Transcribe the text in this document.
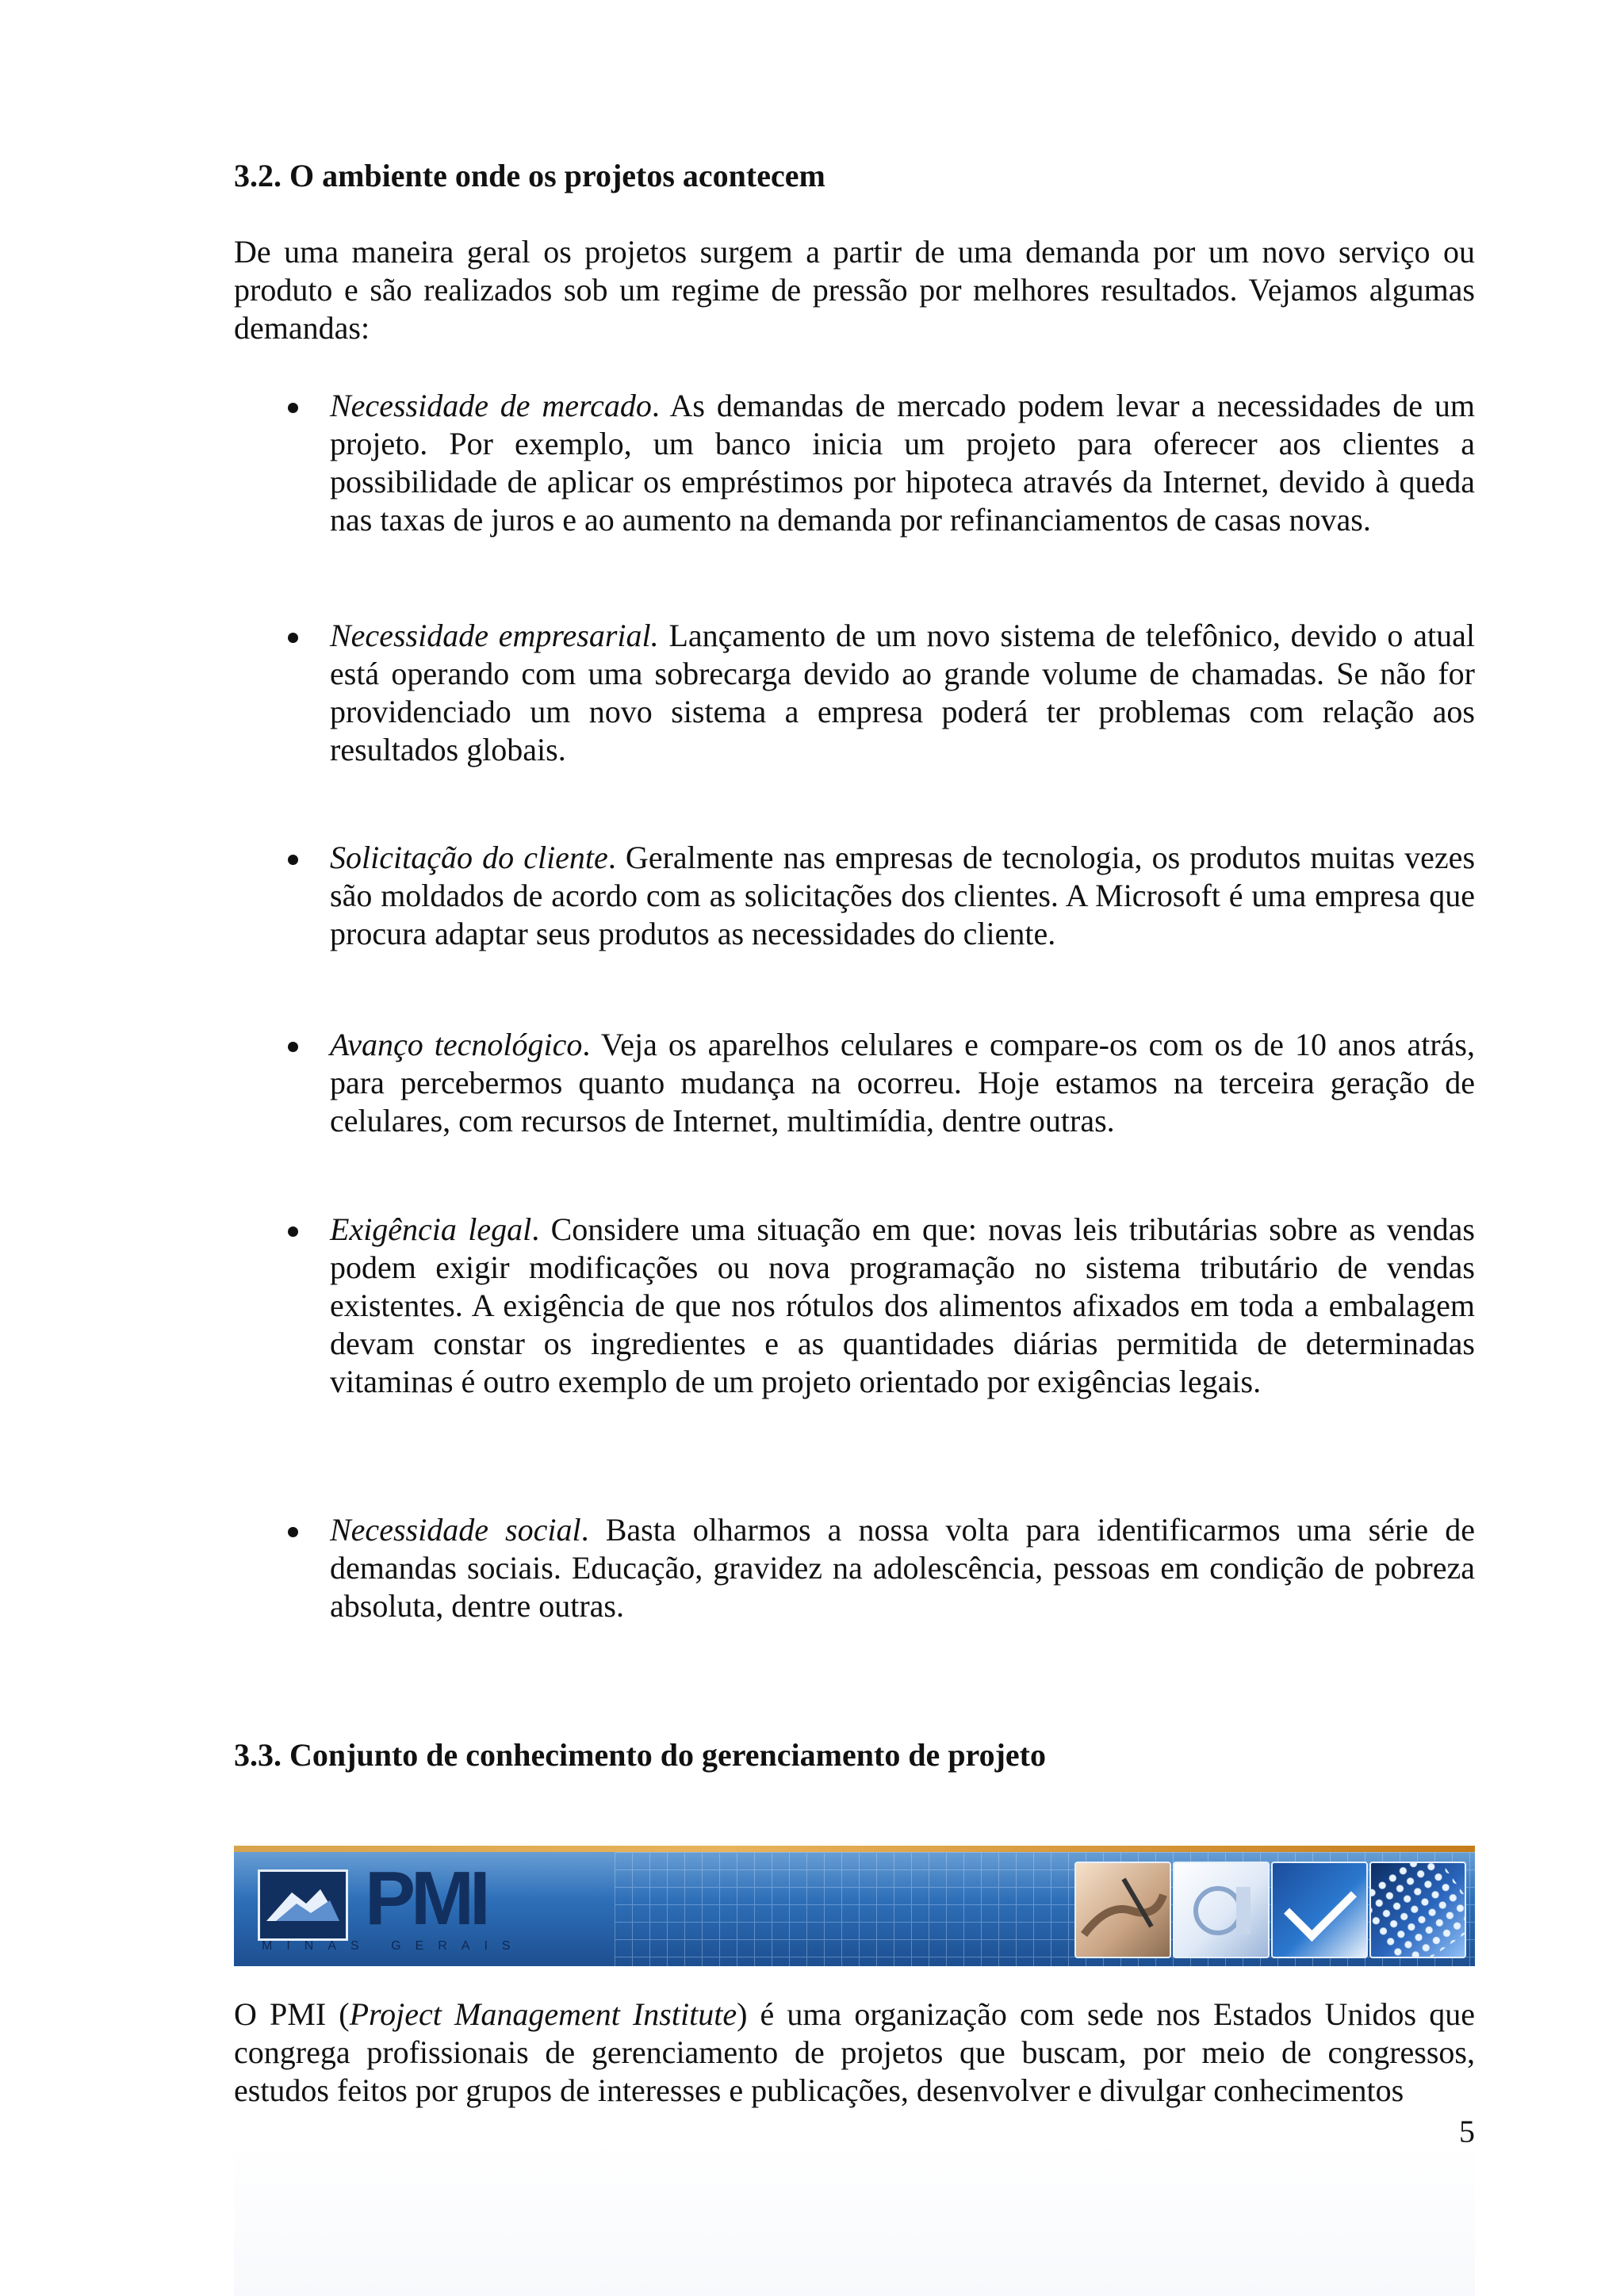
3.2. O ambiente onde os projetos acontecem
De uma maneira geral os projetos surgem a partir de uma demanda por um novo serviço ou produto e são realizados sob um regime de pressão por melhores resultados. Vejamos algumas demandas:
Necessidade de mercado. As demandas de mercado podem levar a necessidades de um projeto. Por exemplo, um banco inicia um projeto para oferecer aos clientes a possibilidade de aplicar os empréstimos por hipoteca através da Internet, devido à queda nas taxas de juros e ao aumento na demanda por refinanciamentos de casas novas.
Necessidade empresarial. Lançamento de um novo sistema de telefônico, devido o atual está operando com uma sobrecarga devido ao grande volume de chamadas. Se não for providenciado um novo sistema a empresa poderá ter problemas com relação aos resultados globais.
Solicitação do cliente. Geralmente nas empresas de tecnologia, os produtos muitas vezes são moldados de acordo com as solicitações dos clientes. A Microsoft é uma empresa que procura adaptar seus produtos as necessidades do cliente.
Avanço tecnológico. Veja os aparelhos celulares e compare-os com os de 10 anos atrás, para percebermos quanto mudança na ocorreu. Hoje estamos na terceira geração de celulares, com recursos de Internet, multimídia, dentre outras.
Exigência legal. Considere uma situação em que: novas leis tributárias sobre as vendas podem exigir modificações ou nova programação no sistema tributário de vendas existentes. A exigência de que nos rótulos dos alimentos afixados em toda a embalagem devam constar os ingredientes e as quantidades diárias permitida de determinadas vitaminas é outro exemplo de um projeto orientado por exigências legais.
Necessidade social. Basta olharmos a nossa volta para identificarmos uma série de demandas sociais. Educação, gravidez na adolescência, pessoas em condição de pobreza absoluta, dentre outras.
3.3. Conjunto de conhecimento do gerenciamento de projeto
PMI
MINAS GERAIS
O PMI (Project Management Institute) é uma organização com sede nos Estados Unidos que congrega profissionais de gerenciamento de projetos que buscam, por meio de congressos, estudos feitos por grupos de interesses e publicações, desenvolver e divulgar conhecimentos
5
